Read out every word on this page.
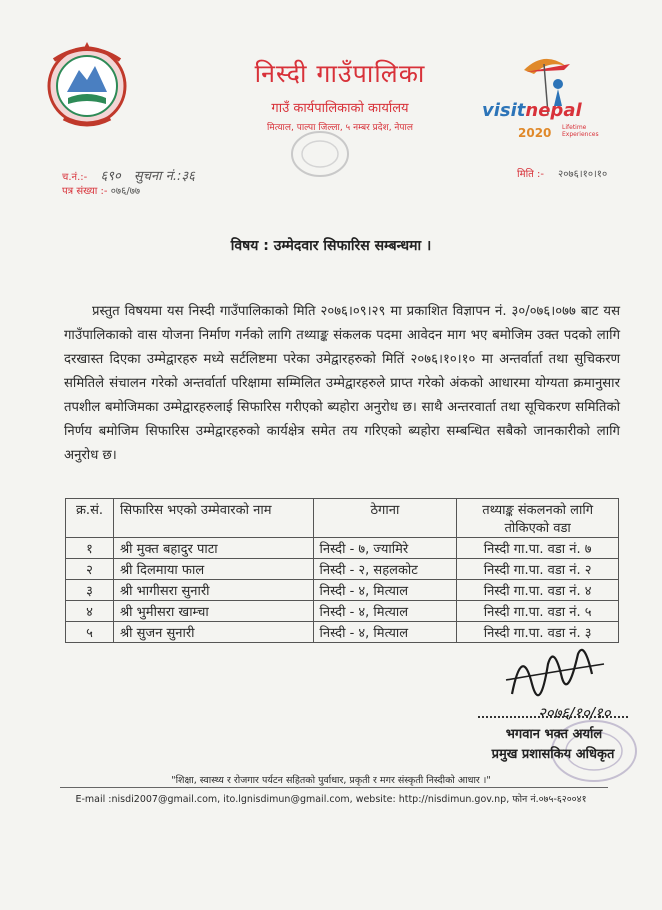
निस्दी गाउँपालिका
गाउँ कार्यपालिकाको कार्यालय
मित्याल, पाल्पा जिल्ला, ५ नम्बर प्रदेश, नेपाल
visitnepal
2020 Lifetime
Experiences
च.नं.:- ६९० सुचना नं.:३६
पत्र संख्या :- ०७६/७७
मिति :- २०७६।१०।१०
विषय : उम्मेदवार सिफारिस सम्बन्धमा ।

प्रस्तुत विषयमा यस निस्दी गाउँपालिकाको मिति २०७६।०९।२९ मा प्रकाशित विज्ञापन नं. ३०/०७६।०७७ बाट यस गाउँपालिकाको वास योजना निर्माण गर्नको लागि तथ्याङ्क संकलक पदमा आवेदन माग भए बमोजिम उक्त पदको लागि दरखास्त दिएका उम्मेद्वारहरु मध्ये सर्टलिष्टमा परेका उमेद्वारहरुको मितिं २०७६।१०।१० मा अन्तर्वार्ता तथा सुचिकरण समितिले संचालन गरेको अन्तर्वार्ता परिक्षामा सम्मिलित उम्मेद्वारहरुले प्राप्त गरेको अंकको आधारमा योग्यता क्रमानुसार तपशील बमोजिमका उम्मेद्वारहरुलाई सिफारिस गरीएको ब्यहोरा अनुरोध छ। साथै अन्तरवार्ता तथा सूचिकरण समितिको निर्णय बमोजिम सिफारिस उम्मेद्वारहरुको कार्यक्षेत्र समेत तय गरिएको ब्यहोरा सम्बन्धित सबैको जानकारीको लागि अनुरोध छ।

क्र.सं.	सिफारिस भएको उम्मेवारको नाम	ठेगाना	तथ्याङ्क संकलनको लागि तोकिएको वडा
१	श्री मुक्त बहादुर पाटा	निस्दी - ७, ज्यामिरे	निस्दी गा.पा. वडा नं. ७
२	श्री दिलमाया फाल	निस्दी - २, सहलकोट	निस्दी गा.पा. वडा नं. २
३	श्री भागीसरा सुनारी	निस्दी - ४, मित्याल	निस्दी गा.पा. वडा नं. ४
४	श्री भुमीसरा खाम्चा	निस्दी - ४, मित्याल	निस्दी गा.पा. वडा नं. ५
५	श्री सुजन सुनारी	निस्दी - ४, मित्याल	निस्दी गा.पा. वडा नं. ३
२०७६/१०/१०
भगवान भक्त अर्याल
प्रमुख प्रशासकिय अधिकृत
"शिक्षा, स्वास्थ्य र रोजगार पर्यटन सहितको पुर्वाधार, प्रकृती र मगर संस्कृती निस्दीको आधार ।"
E-mail :nisdi2007@gmail.com, ito.lgnisdimun@gmail.com, website: http://nisdimun.gov.np, फोन नं.०७५-६२००४१
